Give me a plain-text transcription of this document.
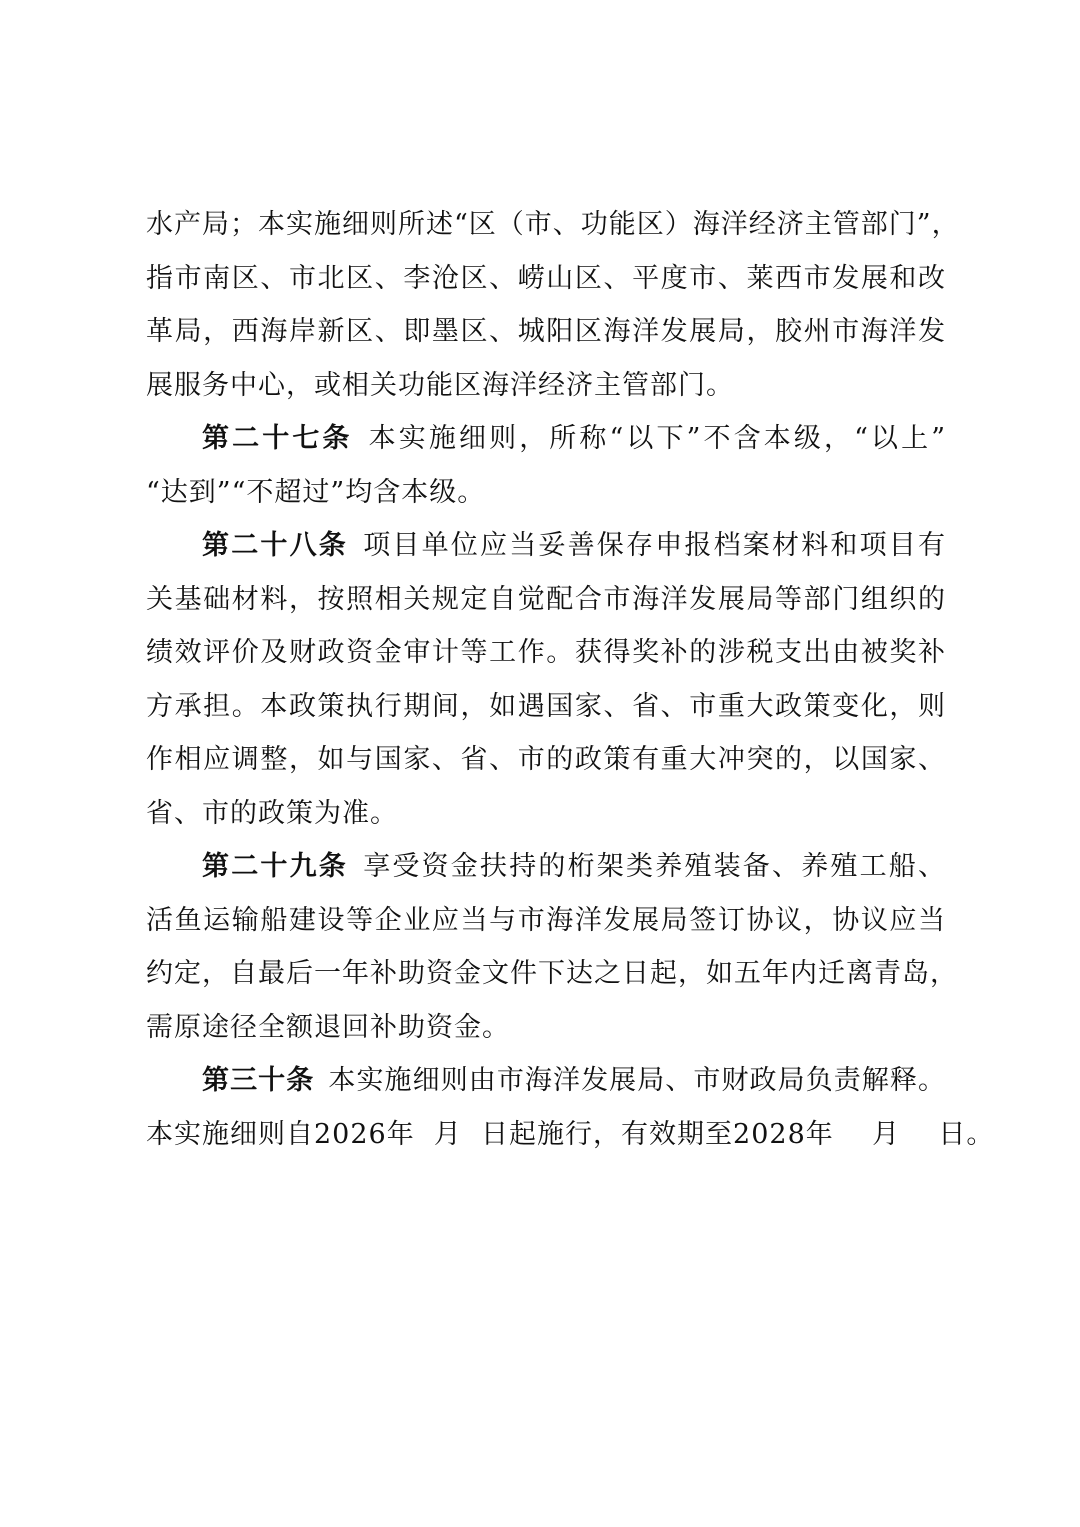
水产局；本实施细则所述“区（市、功能区）海洋经济主管部门”，
指市南区、市北区、李沧区、崂山区、平度市、莱西市发展和改
革局，西海岸新区、即墨区、城阳区海洋发展局，胶州市海洋发
展服务中心，或相关功能区海洋经济主管部门。
第二十七条 本实施细则，所称“以下”不含本级，“以上”
“达到”“不超过”均含本级。
第二十八条 项目单位应当妥善保存申报档案材料和项目有
关基础材料，按照相关规定自觉配合市海洋发展局等部门组织的
绩效评价及财政资金审计等工作。获得奖补的涉税支出由被奖补
方承担。本政策执行期间，如遇国家、省、市重大政策变化，则
作相应调整，如与国家、省、市的政策有重大冲突的，以国家、
省、市的政策为准。
第二十九条 享受资金扶持的桁架类养殖装备、养殖工船、
活鱼运输船建设等企业应当与市海洋发展局签订协议，协议应当
约定，自最后一年补助资金文件下达之日起，如五年内迁离青岛，
需原途径全额退回补助资金。
第三十条 本实施细则由市海洋发展局、市财政局负责解释。
本实施细则自2026年  月  日起施行，有效期至2028年    月    日。
